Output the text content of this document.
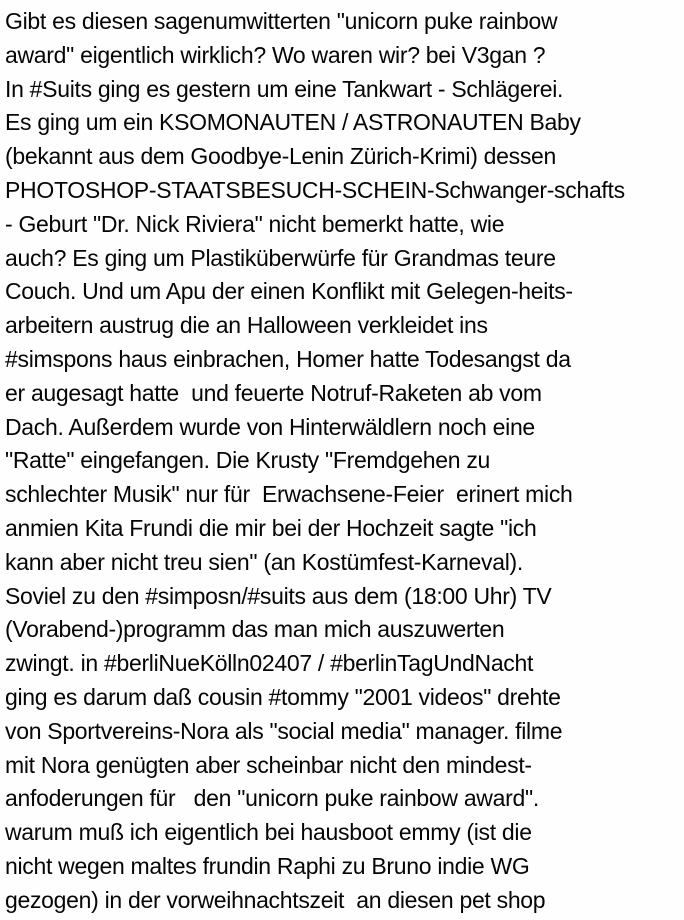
Gibt es diesen sagenumwitterten "unicorn puke rainbow
award" eigentlich wirklich? Wo waren wir? bei V3gan ?
In #Suits ging es gestern um eine Tankwart - Schlägerei.
Es ging um ein KSOMONAUTEN / ASTRONAUTEN Baby
(bekannt aus dem Goodbye-Lenin Zürich-Krimi) dessen
PHOTOSHOP-STAATSBESUCH-SCHEIN-Schwanger-schafts
- Geburt "Dr. Nick Riviera" nicht bemerkt hatte, wie
auch? Es ging um Plastiküberwürfe für Grandmas teure
Couch. Und um Apu der einen Konflikt mit Gelegen-heits-
arbeitern austrug die an Halloween verkleidet ins
#simspons haus einbrachen, Homer hatte Todesangst da
er augesagt hatte  und feuerte Notruf-Raketen ab vom
Dach. Außerdem wurde von Hinterwäldlern noch eine
"Ratte" eingefangen. Die Krusty "Fremdgehen zu
schlechter Musik" nur für  Erwachsene-Feier  erinert mich
anmien Kita Frundi die mir bei der Hochzeit sagte "ich
kann aber nicht treu sien" (an Kostümfest-Karneval).
Soviel zu den #simposn/#suits aus dem (18:00 Uhr) TV
(Vorabend-)programm das man mich auszuwerten
zwingt. in #berliNueKölln02407 / #berlinTagUndNacht
ging es darum daß cousin #tommy "2001 videos" drehte
von Sportvereins-Nora als "social media" manager. filme
mit Nora genügten aber scheinbar nicht den mindest-
anfoderungen für   den "unicorn puke rainbow award".
warum muß ich eigentlich bei hausboot emmy (ist die
nicht wegen maltes frundin Raphi zu Bruno indie WG
gezogen) in der vorweihnachtszeit  an diesen pet shop
